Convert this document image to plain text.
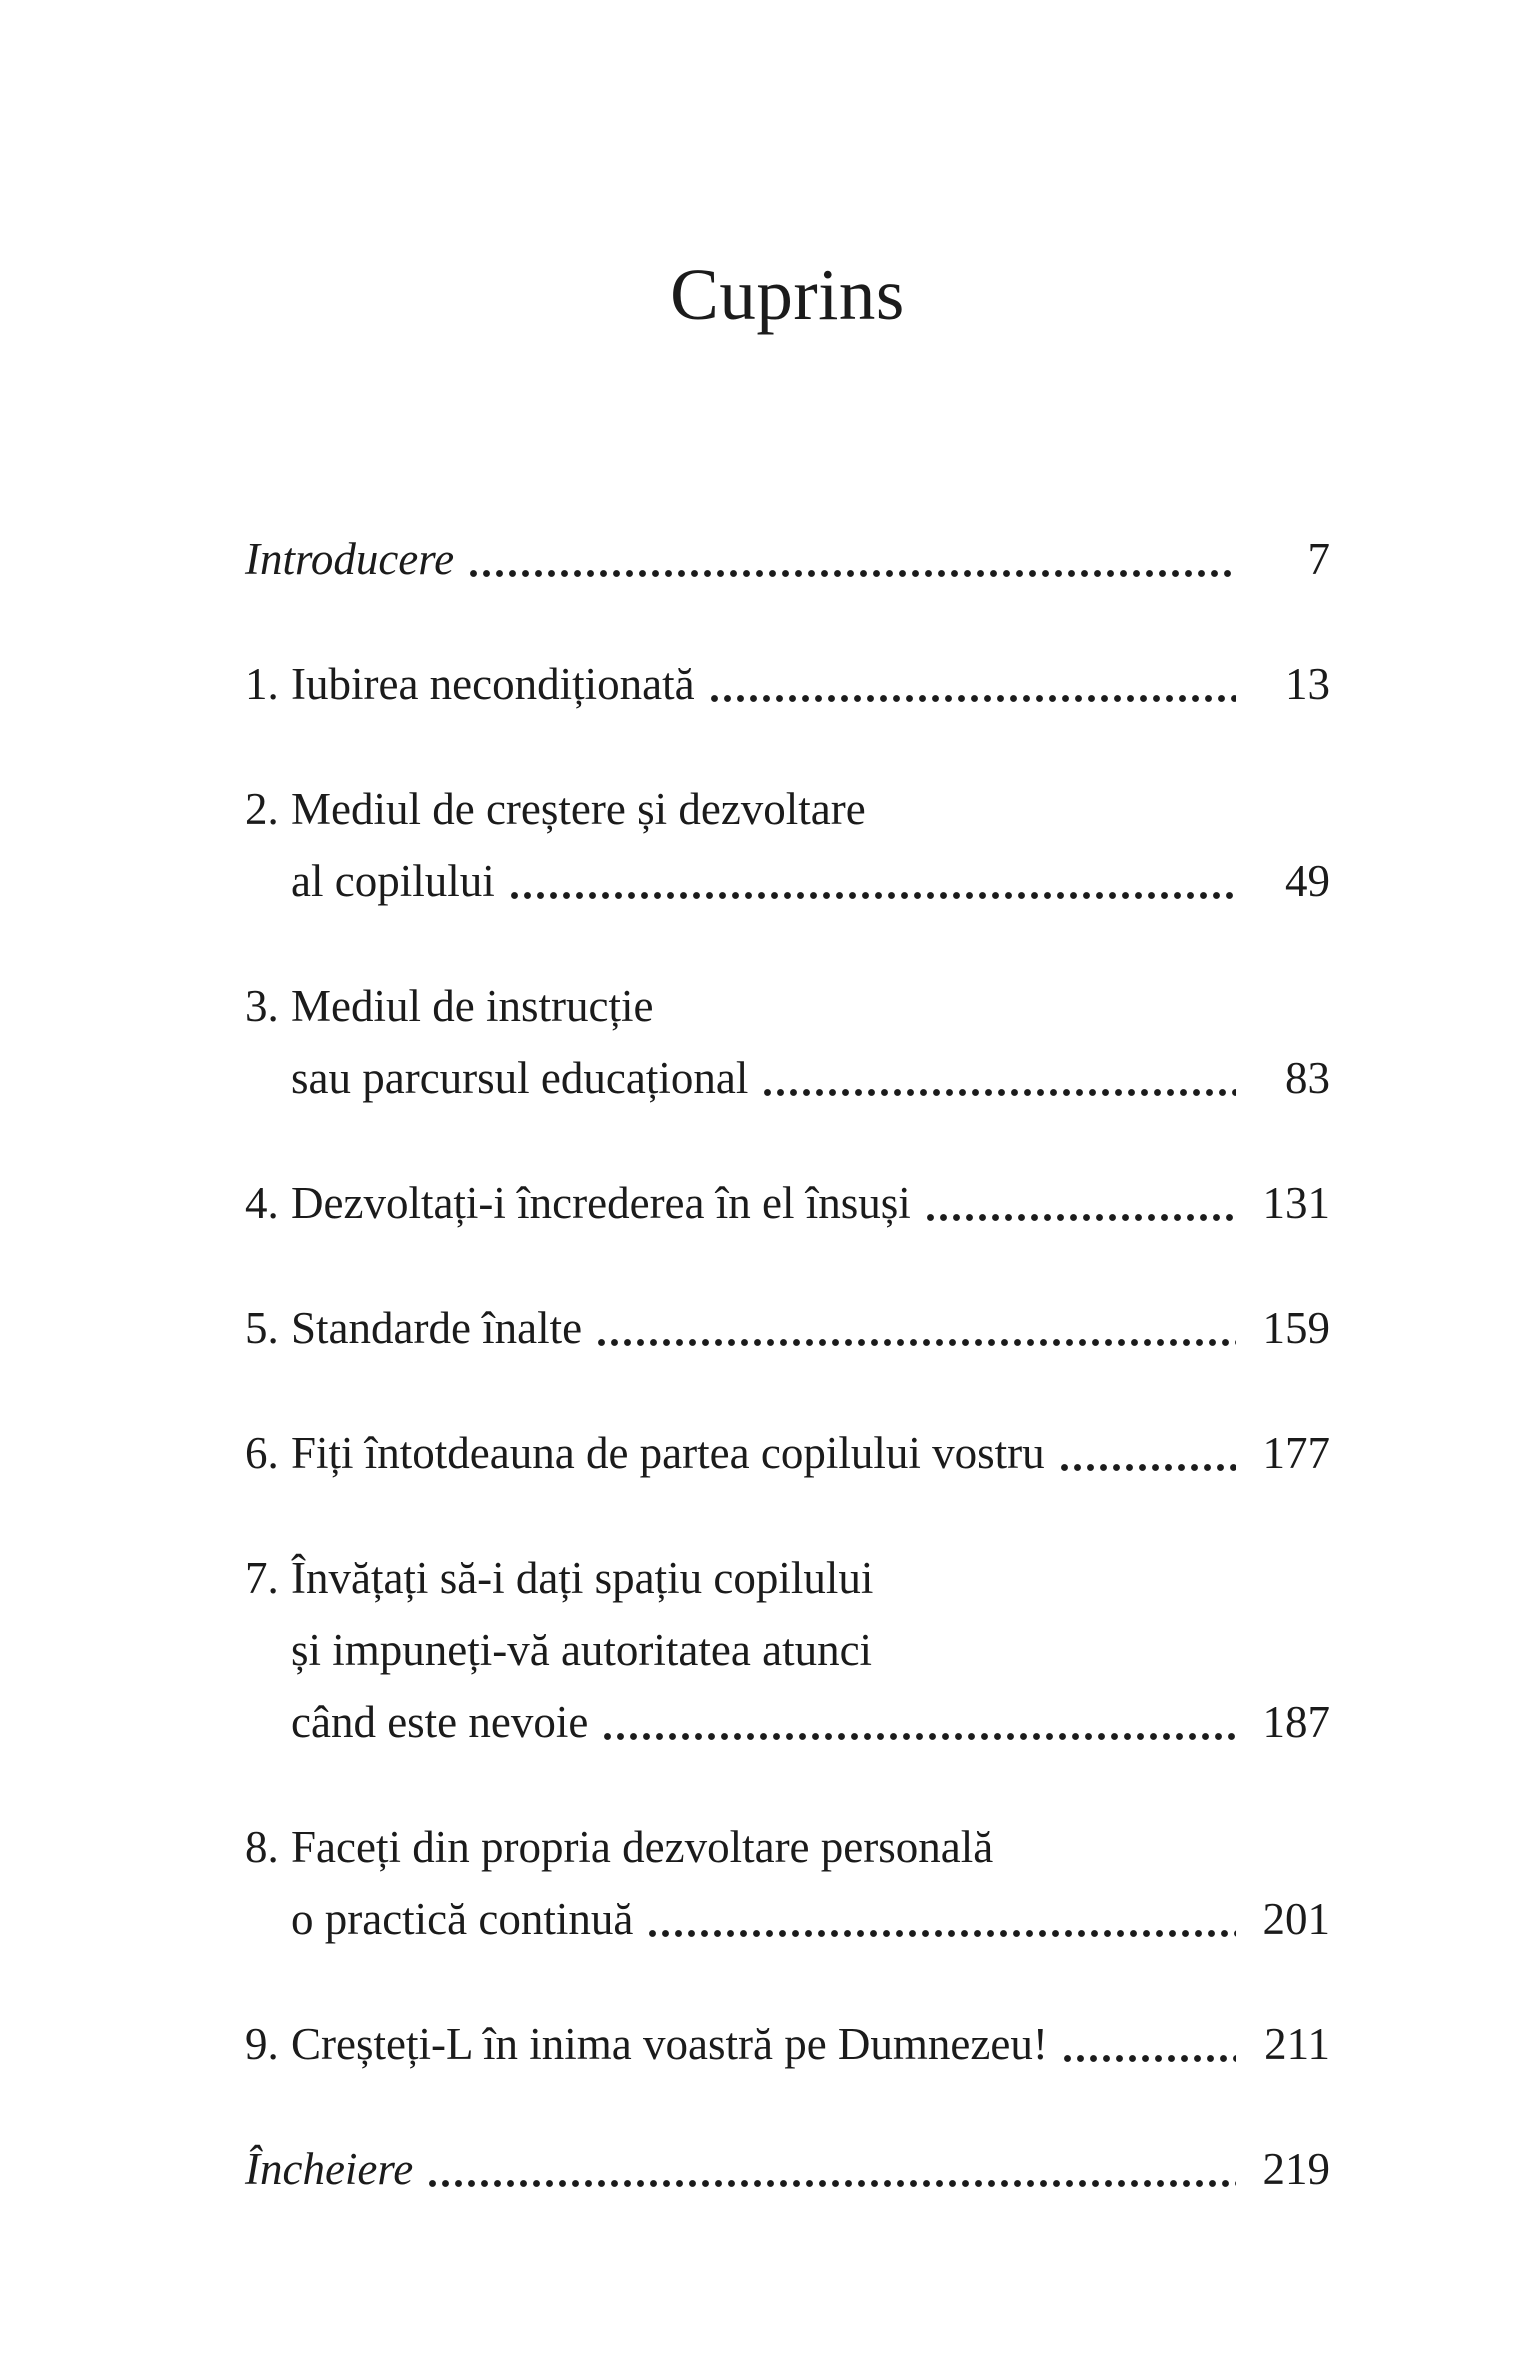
Cuprins
Introducere	7
1. Iubirea necondiționată	13
2. Mediul de creștere și dezvoltare
al copilului	49
3. Mediul de instrucție
sau parcursul educațional	83
4. Dezvoltați-i încrederea în el însuși	131
5. Standarde înalte	159
6. Fiți întotdeauna de partea copilului vostru	177
7. Învățați să-i dați spațiu copilului
și impuneți-vă autoritatea atunci
când este nevoie	187
8. Faceți din propria dezvoltare personală
o practică continuă	201
9. Creșteți-L în inima voastră pe Dumnezeu!	211
Încheiere	219
